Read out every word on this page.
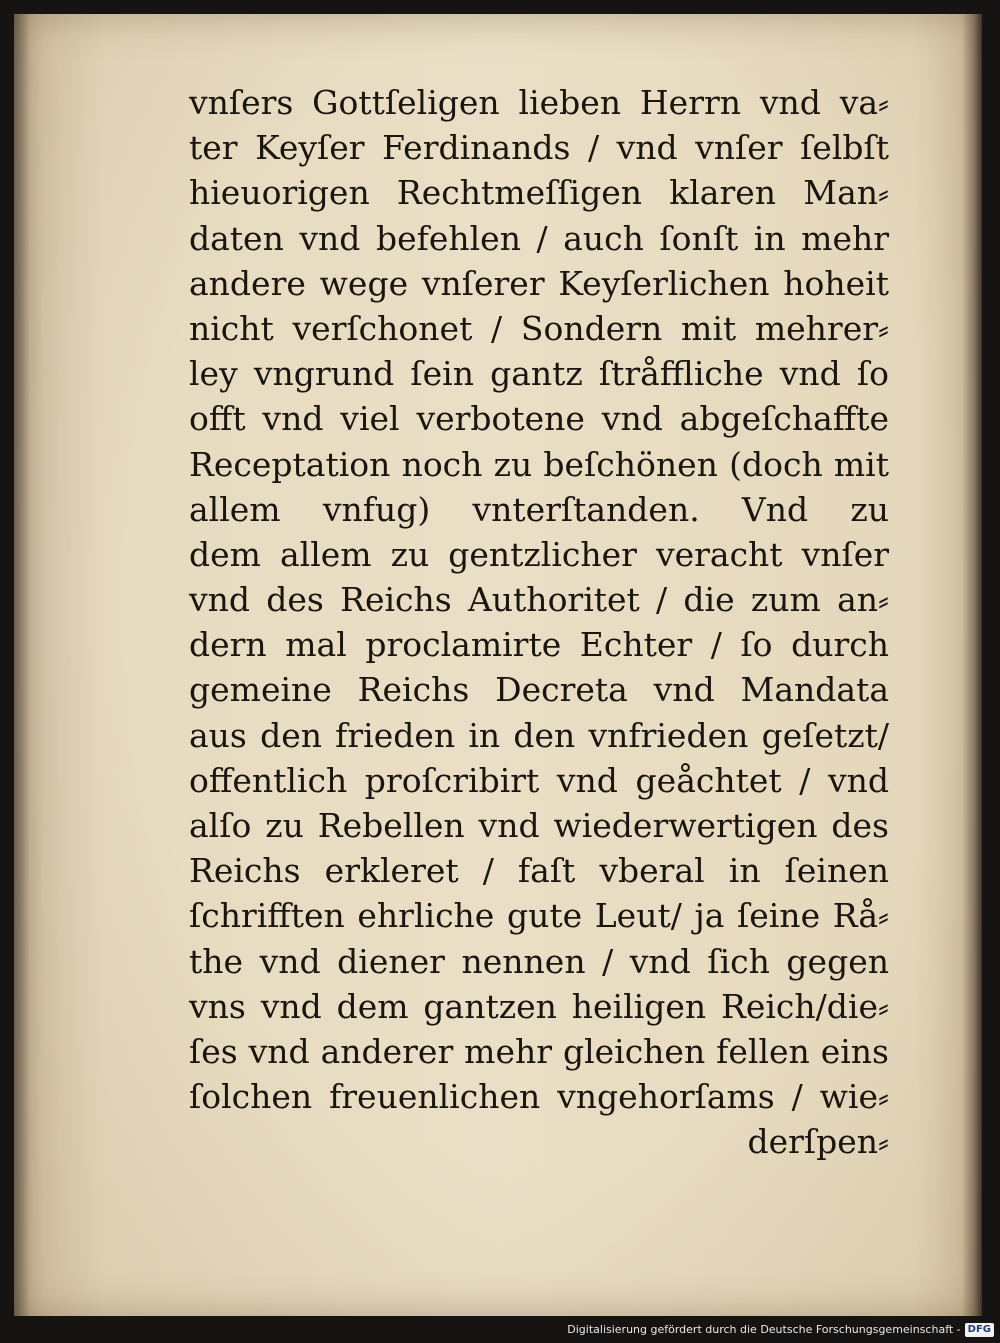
vnſers Gottſeligen lieben Herrn vnd va⸗
ter Keyſer Ferdinands / vnd vnſer ſelbſt
hieuorigen Rechtmeſſigen klaren Man⸗
daten vnd befehlen / auch ſonſt in mehr
andere wege vnſerer Keyſerlichen hoheit
nicht verſchonet / Sondern mit mehrer⸗
ley vngrund ſein gantz ſtråffliche vnd ſo
offt vnd viel verbotene vnd abgeſchaffte
Receptation noch zu beſchönen (doch mit
allem vnfug) vnterſtanden. Vnd zu
dem allem zu gentzlicher veracht vnſer
vnd des Reichs Authoritet / die zum an⸗
dern mal proclamirte Echter / ſo durch
gemeine Reichs Decreta vnd Mandata
aus den frieden in den vnfrieden geſetzt/
offentlich proſcribirt vnd geåchtet / vnd
alſo zu Rebellen vnd wiederwertigen des
Reichs erkleret / faſt vberal in ſeinen
ſchrifften ehrliche gute Leut/ ja ſeine Rå⸗
the vnd diener nennen / vnd ſich gegen
vns vnd dem gantzen heiligen Reich/die⸗
ſes vnd anderer mehr gleichen fellen eins
ſolchen freuenlichen vngehorſams / wie⸗
derſpen⸗
Digitalisierung gefördert durch die Deutsche Forschungsgemeinschaft - DFG
